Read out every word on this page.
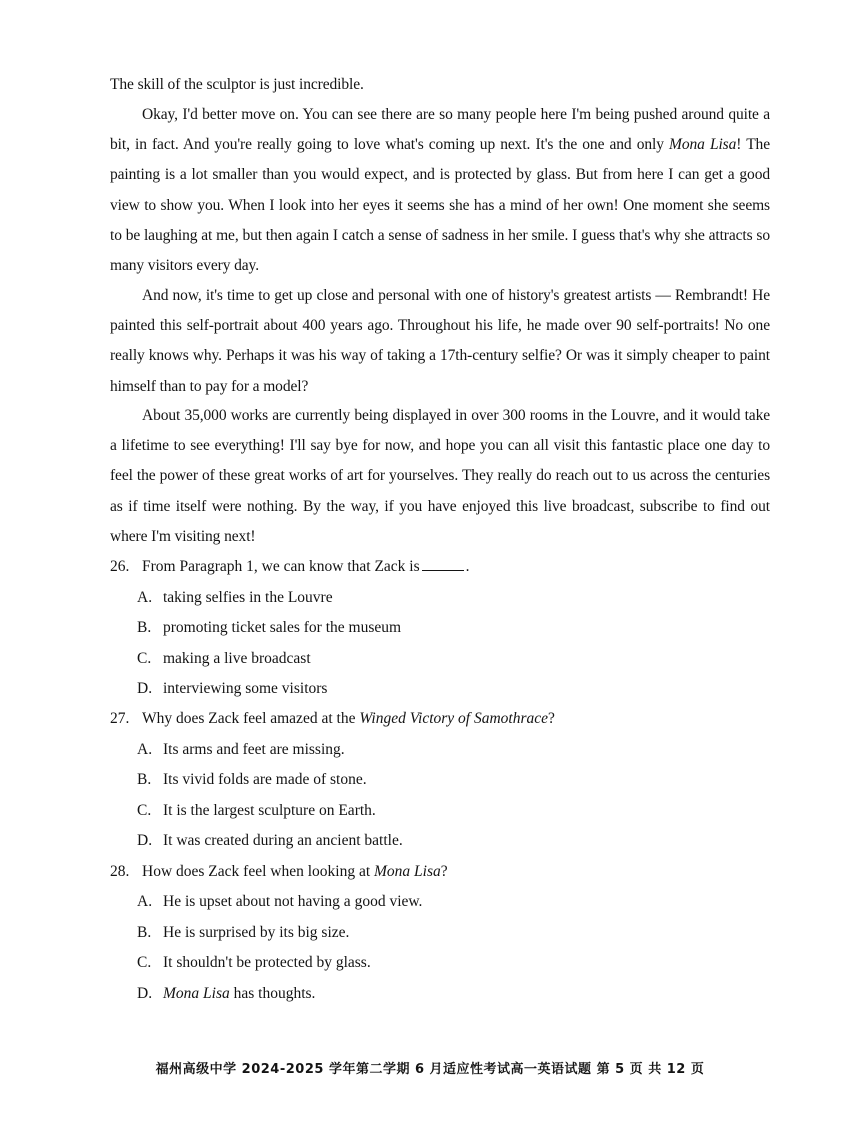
The skill of the sculptor is just incredible.
Okay, I'd better move on. You can see there are so many people here I'm being pushed around quite a bit, in fact. And you're really going to love what's coming up next. It's the one and only Mona Lisa! The painting is a lot smaller than you would expect, and is protected by glass. But from here I can get a good view to show you. When I look into her eyes it seems she has a mind of her own! One moment she seems to be laughing at me, but then again I catch a sense of sadness in her smile. I guess that's why she attracts so many visitors every day.
And now, it's time to get up close and personal with one of history's greatest artists — Rembrandt! He painted this self-portrait about 400 years ago. Throughout his life, he made over 90 self-portraits! No one really knows why. Perhaps it was his way of taking a 17th-century selfie? Or was it simply cheaper to paint himself than to pay for a model?
About 35,000 works are currently being displayed in over 300 rooms in the Louvre, and it would take a lifetime to see everything! I'll say bye for now, and hope you can all visit this fantastic place one day to feel the power of these great works of art for yourselves. They really do reach out to us across the centuries as if time itself were nothing. By the way, if you have enjoyed this live broadcast, subscribe to find out where I'm visiting next!
26. From Paragraph 1, we can know that Zack is	.
A. taking selfies in the Louvre
B. promoting ticket sales for the museum
C. making a live broadcast
D. interviewing some visitors
27. Why does Zack feel amazed at the Winged Victory of Samothrace?
A. Its arms and feet are missing.
B. Its vivid folds are made of stone.
C. It is the largest sculpture on Earth.
D. It was created during an ancient battle.
28. How does Zack feel when looking at Mona Lisa?
A. He is upset about not having a good view.
B. He is surprised by its big size.
C. It shouldn't be protected by glass.
D. Mona Lisa has thoughts.
福州高级中学 2024-2025 学年第二学期 6 月适应性考试高一英语试题 第 5 页 共 12 页
